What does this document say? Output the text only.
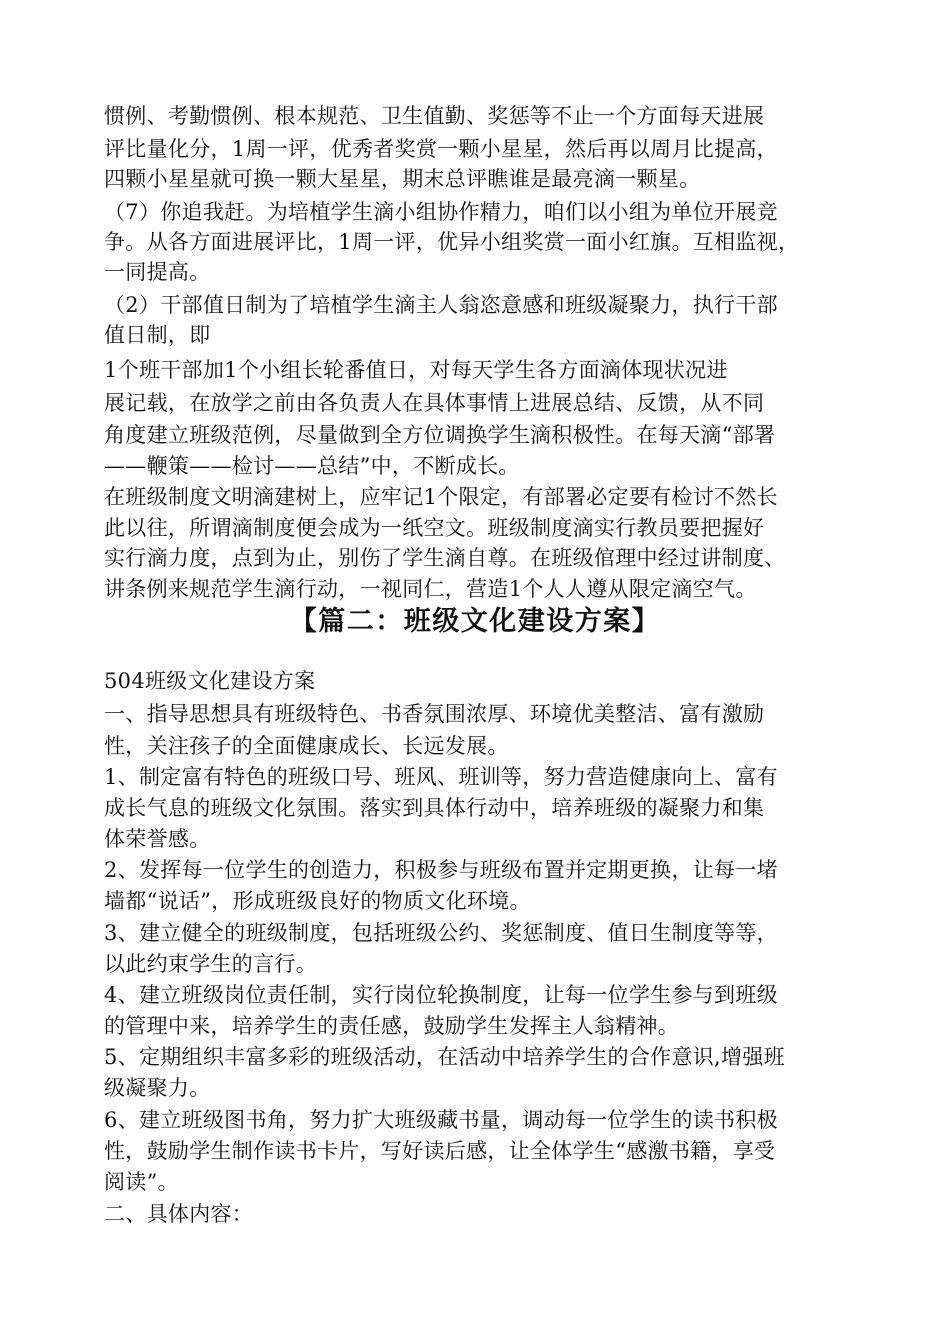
惯例、考勤惯例、根本规范、卫生值勤、奖惩等不止一个方面每天进展

评比量化分，1周一评，优秀者奖赏一颗小星星，然后再以周月比提高，

四颗小星星就可换一颗大星星，期末总评瞧谁是最亮滴一颗星。

（7）你追我赶。为培植学生滴小组协作精力，咱们以小组为单位开展竞

争。从各方面进展评比，1周一评，优异小组奖赏一面小红旗。互相监视，

一同提高。

（2）干部值日制为了培植学生滴主人翁恣意感和班级凝聚力，执行干部

值日制，即

1个班干部加1个小组长轮番值日，对每天学生各方面滴体现状况进

展记载，在放学之前由各负责人在具体事情上进展总结、反馈，从不同

角度建立班级范例，尽量做到全方位调换学生滴积极性。在每天滴“部署

——鞭策——检讨——总结”中，不断成长。

在班级制度文明滴建树上，应牢记1个限定，有部署必定要有检讨不然长

此以往，所谓滴制度便会成为一纸空文。班级制度滴实行教员要把握好

实行滴力度，点到为止，别伤了学生滴自尊。在班级倌理中经过讲制度、

讲条例来规范学生滴行动，一视同仁，营造1个人人遵从限定滴空气。

【篇二：班级文化建设方案】

504班级文化建设方案

一、指导思想具有班级特色、书香氛围浓厚、环境优美整洁、富有激励

性，关注孩子的全面健康成长、长远发展。

1、制定富有特色的班级口号、班风、班训等，努力营造健康向上、富有

成长气息的班级文化氛围。落实到具体行动中，培养班级的凝聚力和集

体荣誉感。

2、发挥每一位学生的创造力，积极参与班级布置并定期更换，让每一堵

墙都“说话”，形成班级良好的物质文化环境。

3、建立健全的班级制度，包括班级公约、奖惩制度、值日生制度等等，

以此约束学生的言行。

4、建立班级岗位责任制，实行岗位轮换制度，让每一位学生参与到班级

的管理中来，培养学生的责任感，鼓励学生发挥主人翁精神。

5、定期组织丰富多彩的班级活动，在活动中培养学生的合作意识,增强班

级凝聚力。

6、建立班级图书角，努力扩大班级藏书量，调动每一位学生的读书积极

性，鼓励学生制作读书卡片，写好读后感，让全体学生“感激书籍，享受

阅读”。

二、具体内容：
